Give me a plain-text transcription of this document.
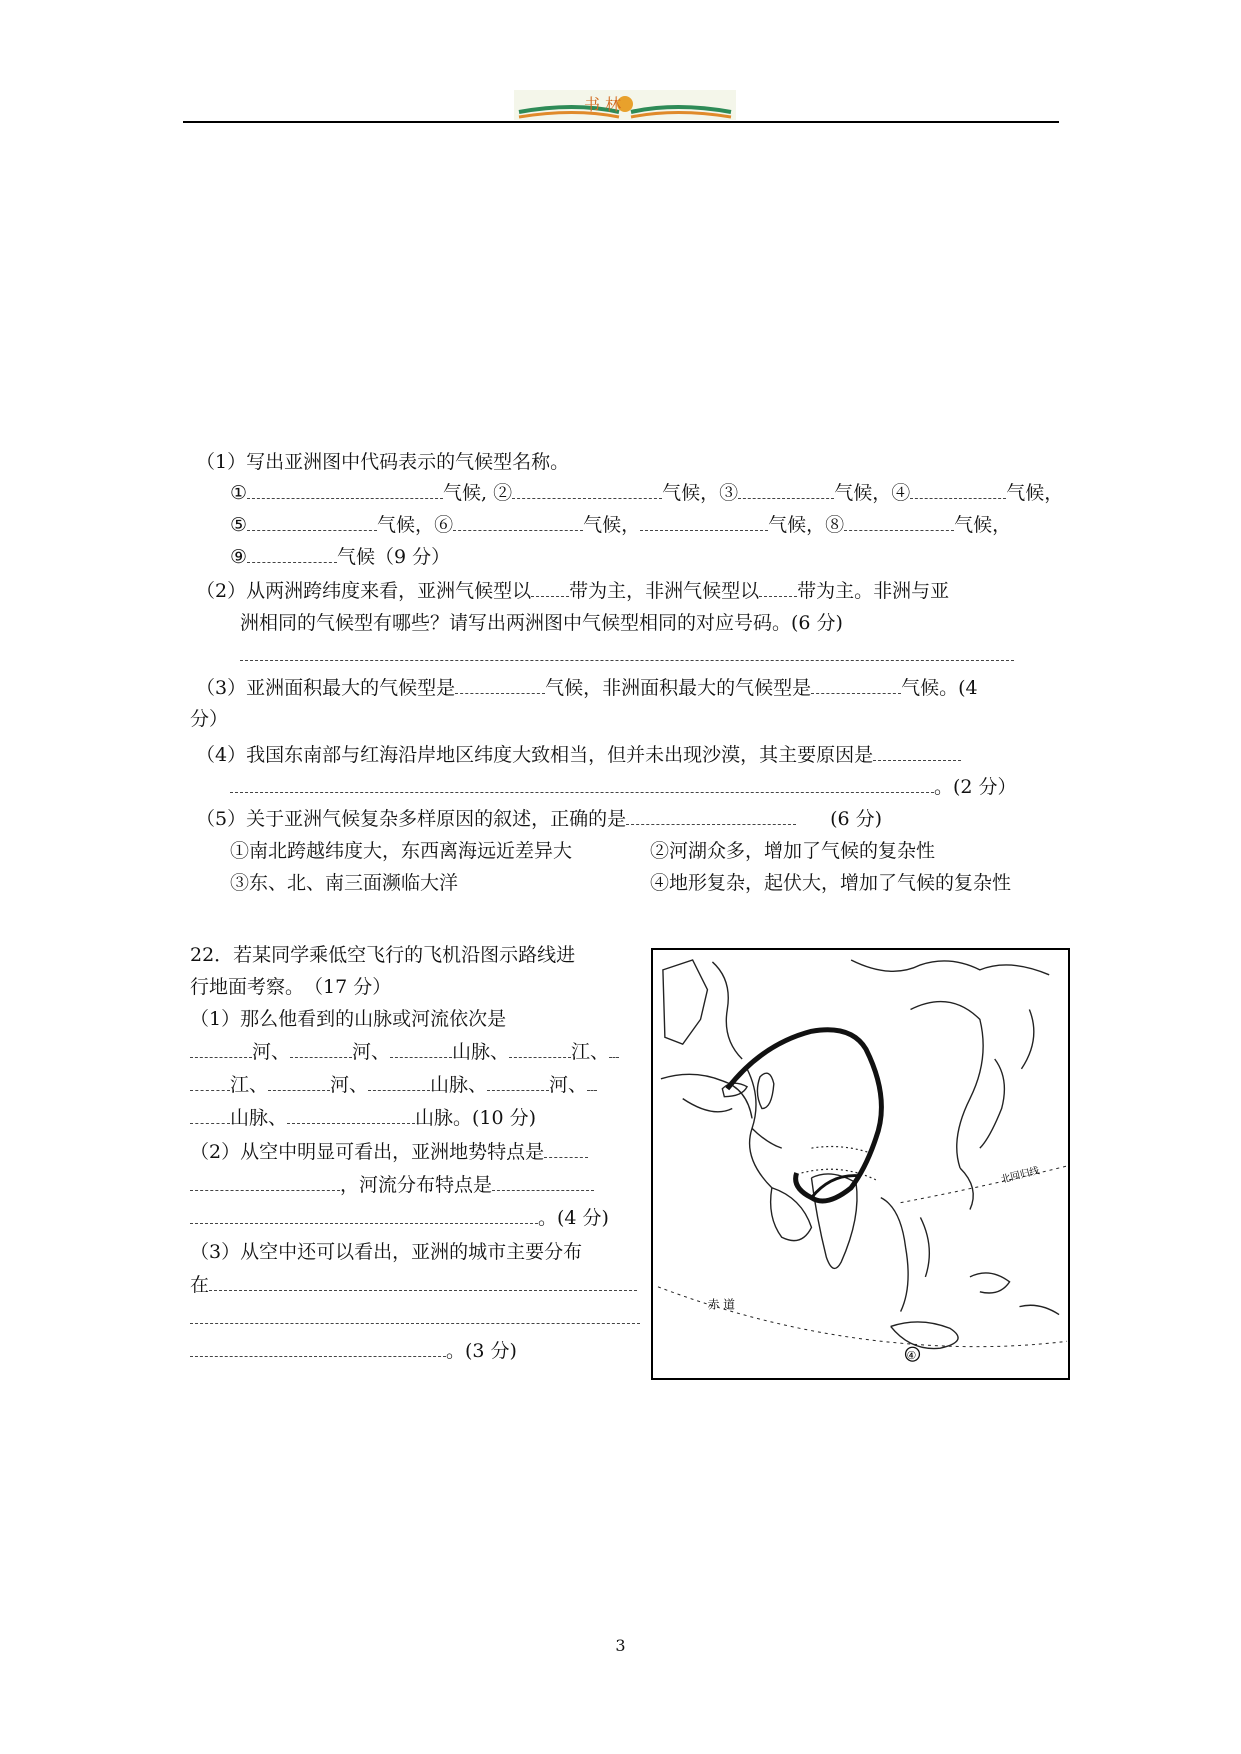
书 林
（1）写出亚洲图中代码表示的气候型名称。
①	气候, ②	气候，③	气候，④	气候，
⑤	气候，⑥	气候，	气候，⑧	气候，
⑨	气候（9 分）
（2）从两洲跨纬度来看，亚洲气候型以 带为主，非洲气候型以 带为主。非洲与亚
洲相同的气候型有哪些？请写出两洲图中气候型相同的对应号码。(6 分)
（3）亚洲面积最大的气候型是	气候，非洲面积最大的气候型是	气候。(4
分）
（4）我国东南部与红海沿岸地区纬度大致相当，但并未出现沙漠，其主要原因是
。(2 分）
（5）关于亚洲气候复杂多样原因的叙述，正确的是	(6 分)
①南北跨越纬度大，东西离海远近差异大	②河湖众多，增加了气候的复杂性
③东、北、南三面濒临大洋	④地形复杂，起伏大，增加了气候的复杂性
22．若某同学乘低空飞行的飞机沿图示路线进
行地面考察。　（17 分）
（1）那么他看到的山脉或河流依次是
河、	河、	山脉、	江、
江、	河、	山脉、	河、
山脉、	山脉。(10 分)
（2）从空中明显可看出，亚洲地势特点是
，河流分布特点是
。(4 分)
（3）从空中还可以看出，亚洲的城市主要分布
在
。(3 分)
赤 道
北回归线
④
3
